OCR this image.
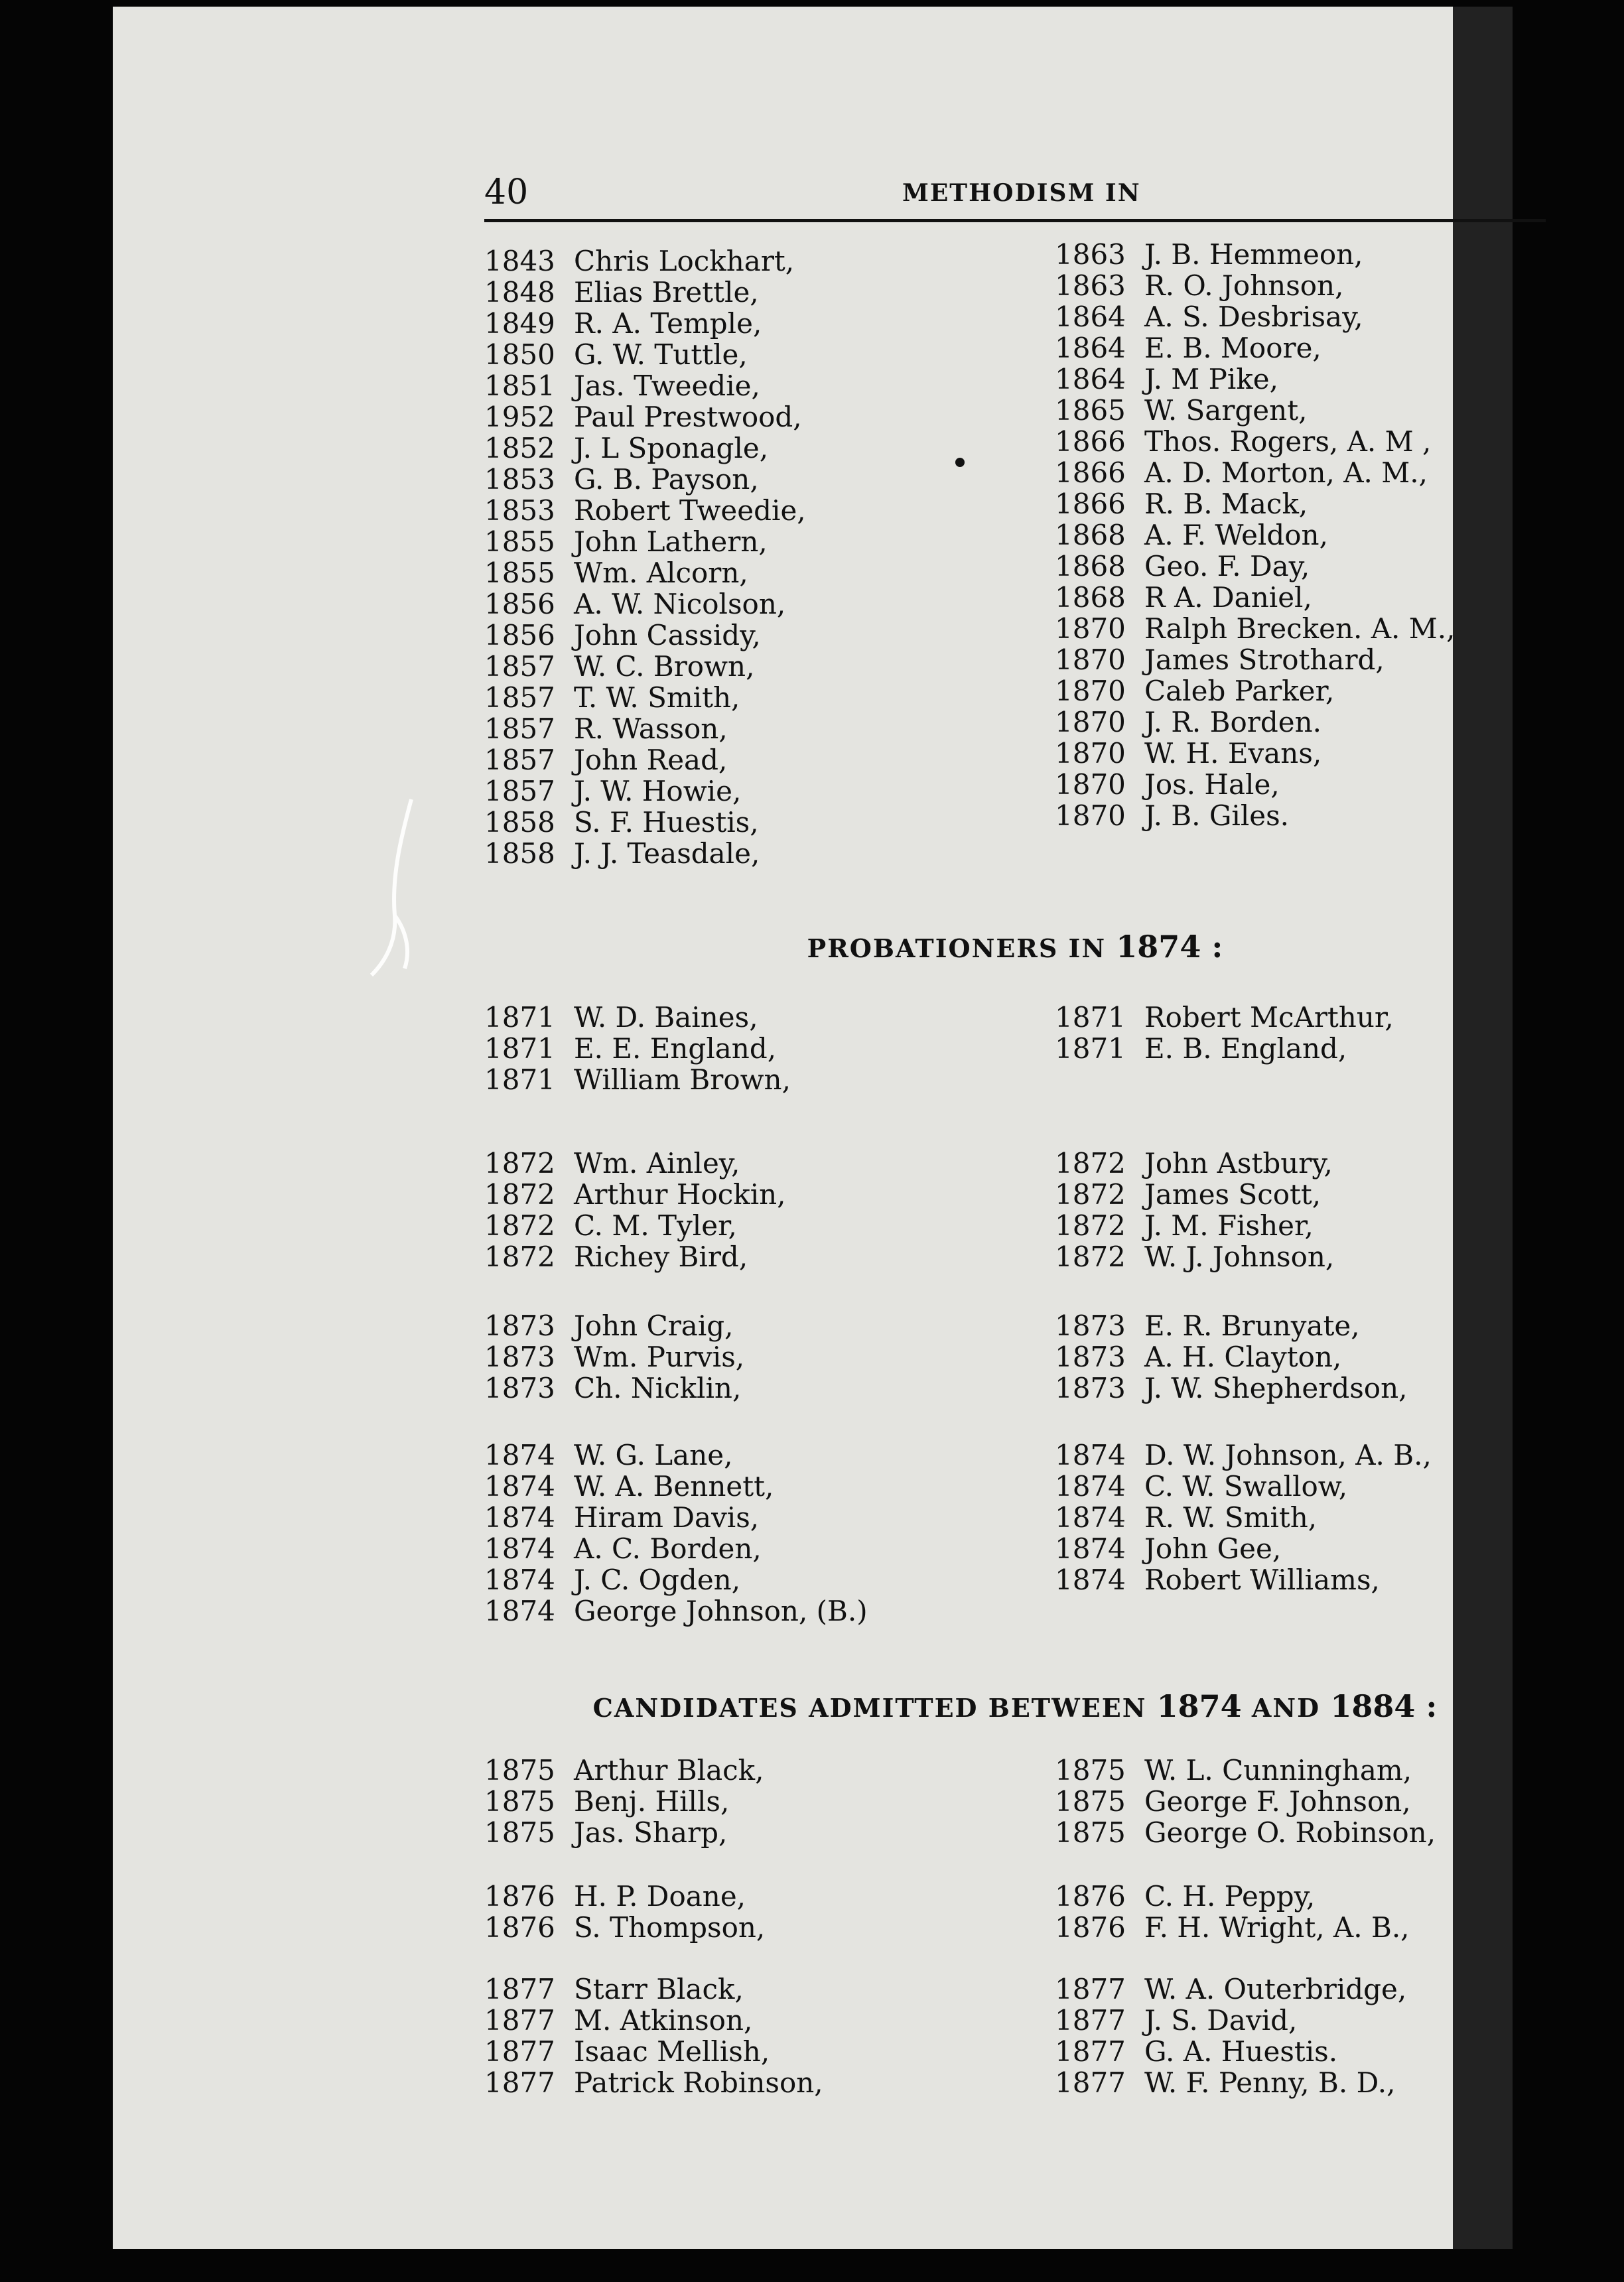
40	METHODISM IN
1843 Chris Lockhart,
1848 Elias Brettle,
1849 R. A. Temple,
1850 G. W. Tuttle,
1851 Jas. Tweedie,
1952 Paul Prestwood,
1852 J. L Sponagle,
1853 G. B. Payson,
1853 Robert Tweedie,
1855 John Lathern,
1855 Wm. Alcorn,
1856 A. W. Nicolson,
1856 John Cassidy,
1857 W. C. Brown,
1857 T. W. Smith,
1857 R. Wasson,
1857 John Read,
1857 J. W. Howie,
1858 S. F. Huestis,
1858 J. J. Teasdale,
1863 J. B. Hemmeon,
1863 R. O. Johnson,
1864 A. S. Desbrisay,
1864 E. B. Moore,
1864 J. M Pike,
1865 W. Sargent,
1866 Thos. Rogers, A. M ,
1866 A. D. Morton, A. M.,
1866 R. B. Mack,
1868 A. F. Weldon,
1868 Geo. F. Day,
1868 R A. Daniel,
1870 Ralph Brecken. A. M.,
1870 James Strothard,
1870 Caleb Parker,
1870 J. R. Borden.
1870 W. H. Evans,
1870 Jos. Hale,
1870 J. B. Giles.
PROBATIONERS IN 1874 :
1871 W. D. Baines,
1871 E. E. England,
1871 William Brown,
1871 Robert McArthur,
1871 E. B. England,
1872 Wm. Ainley,
1872 Arthur Hockin,
1872 C. M. Tyler,
1872 Richey Bird,
1872 John Astbury,
1872 James Scott,
1872 J. M. Fisher,
1872 W. J. Johnson,
1873 John Craig,
1873 Wm. Purvis,
1873 Ch. Nicklin,
1873 E. R. Brunyate,
1873 A. H. Clayton,
1873 J. W. Shepherdson,
1874 W. G. Lane,
1874 W. A. Bennett,
1874 Hiram Davis,
1874 A. C. Borden,
1874 J. C. Ogden,
1874 George Johnson, (B.)
1874 D. W. Johnson, A. B.,
1874 C. W. Swallow,
1874 R. W. Smith,
1874 John Gee,
1874 Robert Williams,
CANDIDATES ADMITTED BETWEEN 1874 AND 1884 :
1875 Arthur Black,
1875 Benj. Hills,
1875 Jas. Sharp,
1875 W. L. Cunningham,
1875 George F. Johnson,
1875 George O. Robinson,
1876 H. P. Doane,
1876 S. Thompson,
1876 C. H. Peppy,
1876 F. H. Wright, A. B.,
1877 Starr Black,
1877 M. Atkinson,
1877 Isaac Mellish,
1877 Patrick Robinson,
1877 W. A. Outerbridge,
1877 J. S. David,
1877 G. A. Huestis.
1877 W. F. Penny, B. D.,
